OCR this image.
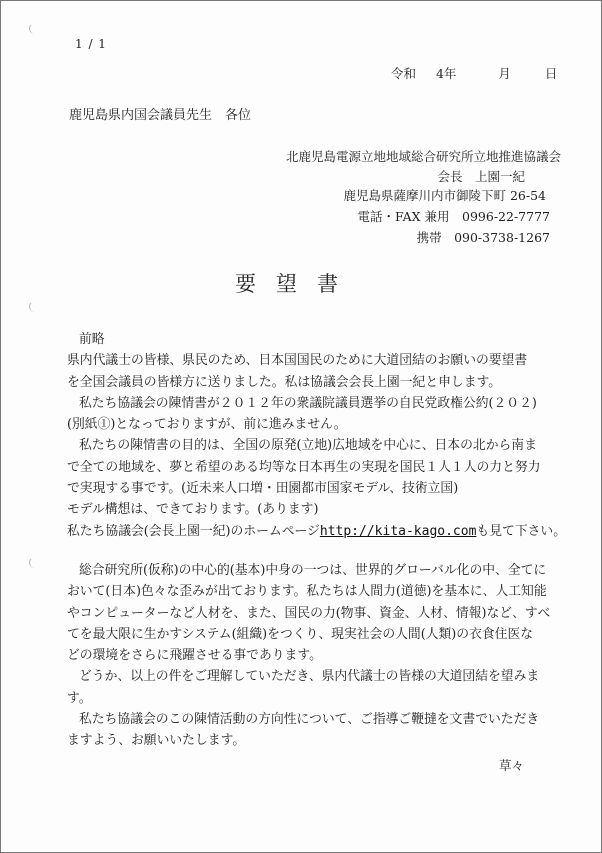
1 / 1
令和 4年	月	日
鹿児島県内国会議員先生　各位
北鹿児島電源立地地域総合研究所立地推進協議会
会長　上園一紀
鹿児島県薩摩川内市御陵下町 26-54
電話・FAX 兼用　0996-22-7777
携帯　090-3738-1267
要望書

前略

県内代議士の皆様、県民のため、日本国国民のために大道団結のお願いの要望書

を全国会議員の皆様方に送りました。私は協議会会長上園一紀と申します。

私たち協議会の陳情書が２０１２年の衆議院議員選挙の自民党政権公約(２０２)

(別紙①)となっておりますが、前に進みません。

私たちの陳情書の目的は、全国の原発(立地)広地域を中心に、日本の北から南ま

で全ての地域を、夢と希望のある均等な日本再生の実現を国民１人１人の力と努力

で実現する事です。(近未来人口増・田園都市国家モデル、技術立国)

モデル構想は、できております。(あります)

私たち協議会(会長上園一紀)のホームページhttp://kita-kago.comも見て下さい。

総合研究所(仮称)の中心的(基本)中身の一つは、世界的グローバル化の中、全てに

おいて(日本)色々な歪みが出ております。私たちは人間力(道徳)を基本に、人工知能

やコンピューターなど人材を、また、国民の力(物事、資金、人材、情報)など、すべ

てを最大限に生かすシステム(組織)をつくり、現実社会の人間(人類)の衣食住医な

どの環境をさらに飛躍させる事であります。

どうか、以上の件をご理解していただき、県内代議士の皆様の大道団結を望みま

す。

私たち協議会のこの陳情活動の方向性について、ご指導ご鞭撻を文書でいただき

ますよう、お願いいたします。

草々
